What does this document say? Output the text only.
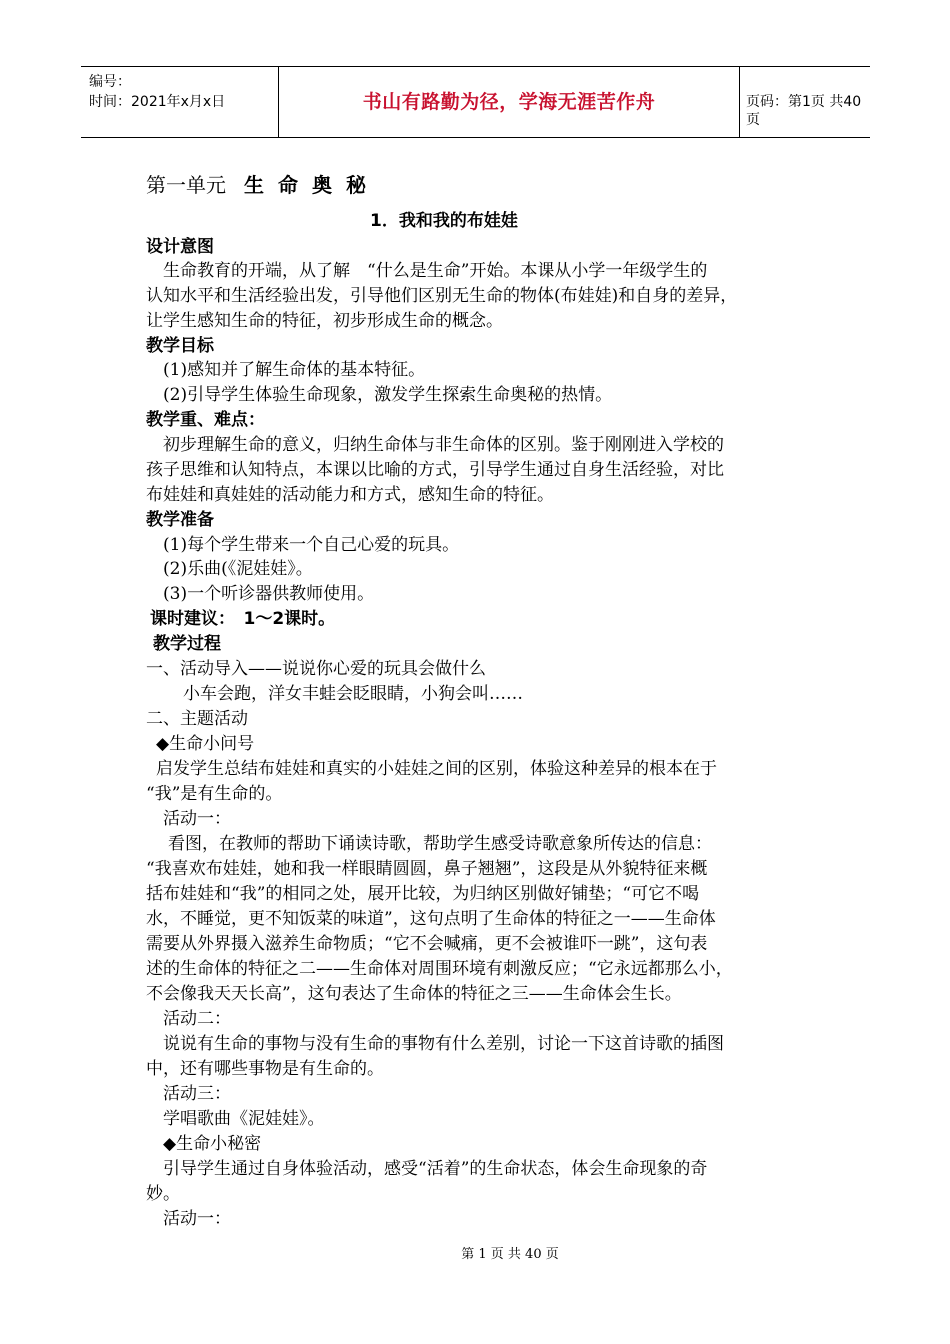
编号：
时间：2021年x月x日	书山有路勤为径，学海无涯苦作舟	页码：第1页 共40页
第一单元 生命奥秘
1．我和我的布娃娃
设计意图
生命教育的开端，从了解　“什么是生命”开始。本课从小学一年级学生的
认知水平和生活经验出发，引导他们区别无生命的物体(布娃娃)和自身的差异，
让学生感知生命的特征，初步形成生命的概念。
教学目标
(1)感知并了解生命体的基本特征。
(2)引导学生体验生命现象，激发学生探索生命奥秘的热情。
教学重、难点：
初步理解生命的意义，归纳生命体与非生命体的区别。鉴于刚刚进入学校的
孩子思维和认知特点，本课以比喻的方式，引导学生通过自身生活经验，对比
布娃娃和真娃娃的活动能力和方式，感知生命的特征。
教学准备
(1)每个学生带来一个自己心爱的玩具。
(2)乐曲(《泥娃娃》。
(3)一个听诊器供教师使用。
课时建议：　1～2课时。
教学过程
一、活动导入——说说你心爱的玩具会做什么
小车会跑，洋女丰蛙会眨眼睛，小狗会叫……
二、主题活动
◆生命小问号
启发学生总结布娃娃和真实的小娃娃之间的区别，体验这种差异的根本在于
“我”是有生命的。
活动一：
看图，在教师的帮助下诵读诗歌，帮助学生感受诗歌意象所传达的信息：
“我喜欢布娃娃，她和我一样眼睛圆圆，鼻子翘翘”，这段是从外貌特征来概
括布娃娃和“我”的相同之处，展开比较，为归纳区别做好铺垫；“可它不喝
水，不睡觉，更不知饭菜的味道”，这句点明了生命体的特征之一——生命体
需要从外界摄入滋养生命物质；“它不会喊痛，更不会被谁吓一跳”，这句表
述的生命体的特征之二——生命体对周围环境有刺激反应；“它永远都那么小，
不会像我天天长高”，这句表达了生命体的特征之三——生命体会生长。
活动二：
说说有生命的事物与没有生命的事物有什么差别，讨论一下这首诗歌的插图
中，还有哪些事物是有生命的。
活动三：
学唱歌曲《泥娃娃》。
◆生命小秘密
引导学生通过自身体验活动，感受“活着”的生命状态，体会生命现象的奇
妙。
活动一：
第 1 页 共 40 页
